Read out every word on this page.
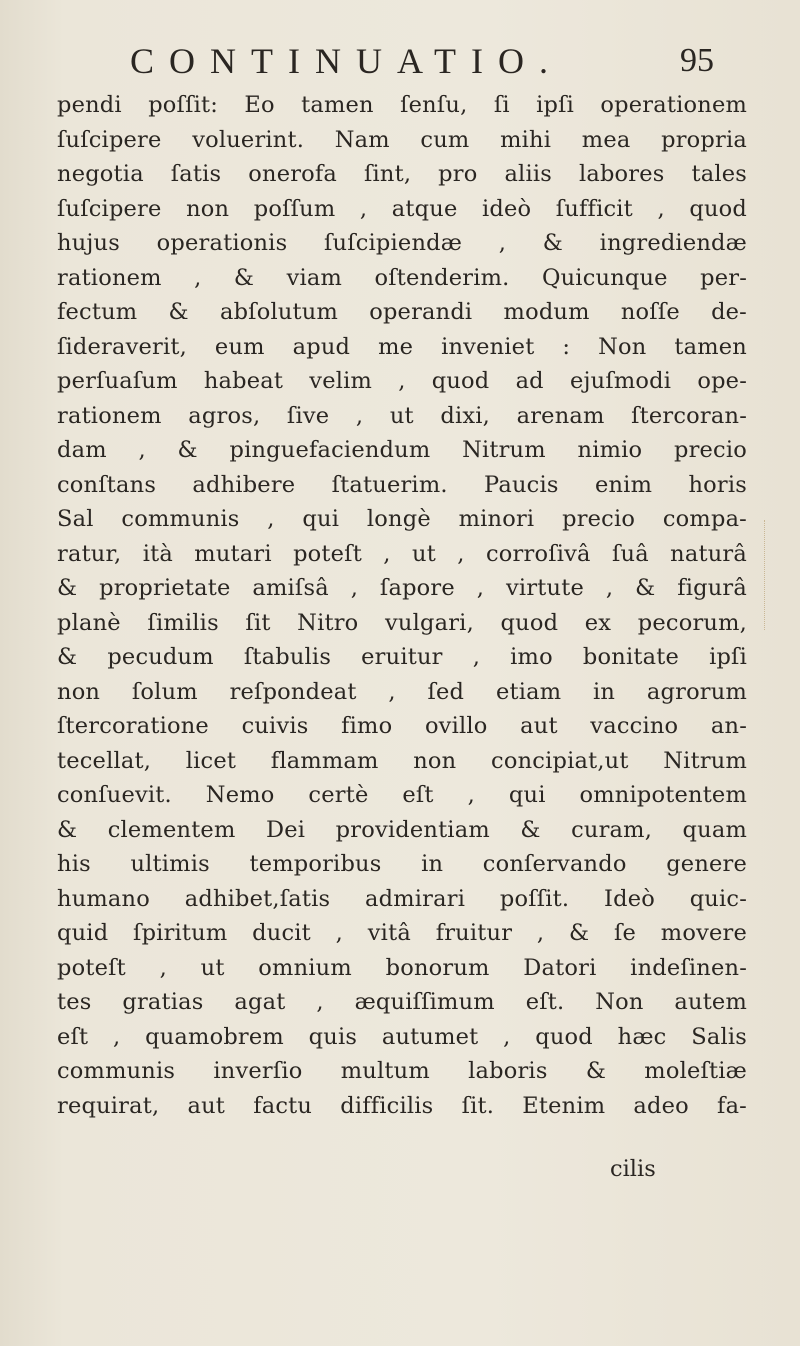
CONTINUATIO.	95
pendi poſſit: Eo tamen ſenſu, ſi ipſi operationem
ſuſcipere voluerint. Nam cum mihi mea propria
negotia ſatis onerofa ſint, pro aliis labores tales
ſuſcipere non poſſum , atque ideò ſufficit , quod
hujus operationis ſuſcipiendæ , & ingrediendæ
rationem , & viam oſtenderim. Quicunque per-
fectum & abſolutum operandi modum noſſe de-
ſideraverit, eum apud me inveniet : Non tamen
perſuaſum habeat velim , quod ad ejuſmodi ope-
rationem agros, ſive , ut dixi, arenam ſtercoran-
dam , & pinguefaciendum Nitrum nimio precio
conſtans adhibere ſtatuerim. Paucis enim horis
Sal communis , qui longè minori precio compa-
ratur, ità mutari poteſt , ut , corroſivâ ſuâ naturâ
& proprietate amiſsâ , ſapore , virtute , & figurâ
planè ſimilis ſit Nitro vulgari, quod ex pecorum,
& pecudum ſtabulis eruitur , imo bonitate ipſi
non ſolum reſpondeat , ſed etiam in agrorum
ſtercoratione cuivis fimo ovillo aut vaccino an-
tecellat, licet flammam non concipiat,ut Nitrum
conſuevit. Nemo certè eſt , qui omnipotentem
& clementem Dei providentiam & curam, quam
his ultimis temporibus in conſervando genere
humano adhibet,ſatis admirari poſſit. Ideò quic-
quid ſpiritum ducit , vitâ fruitur , & ſe movere
poteſt , ut omnium bonorum Datori indeſinen-
tes gratias agat , æquiſſimum eſt. Non autem
eſt , quamobrem quis autumet , quod hæc Salis
communis inverſio multum laboris & moleſtiæ
requirat, aut factu difficilis ſit. Etenim adeo fa-
cilis
